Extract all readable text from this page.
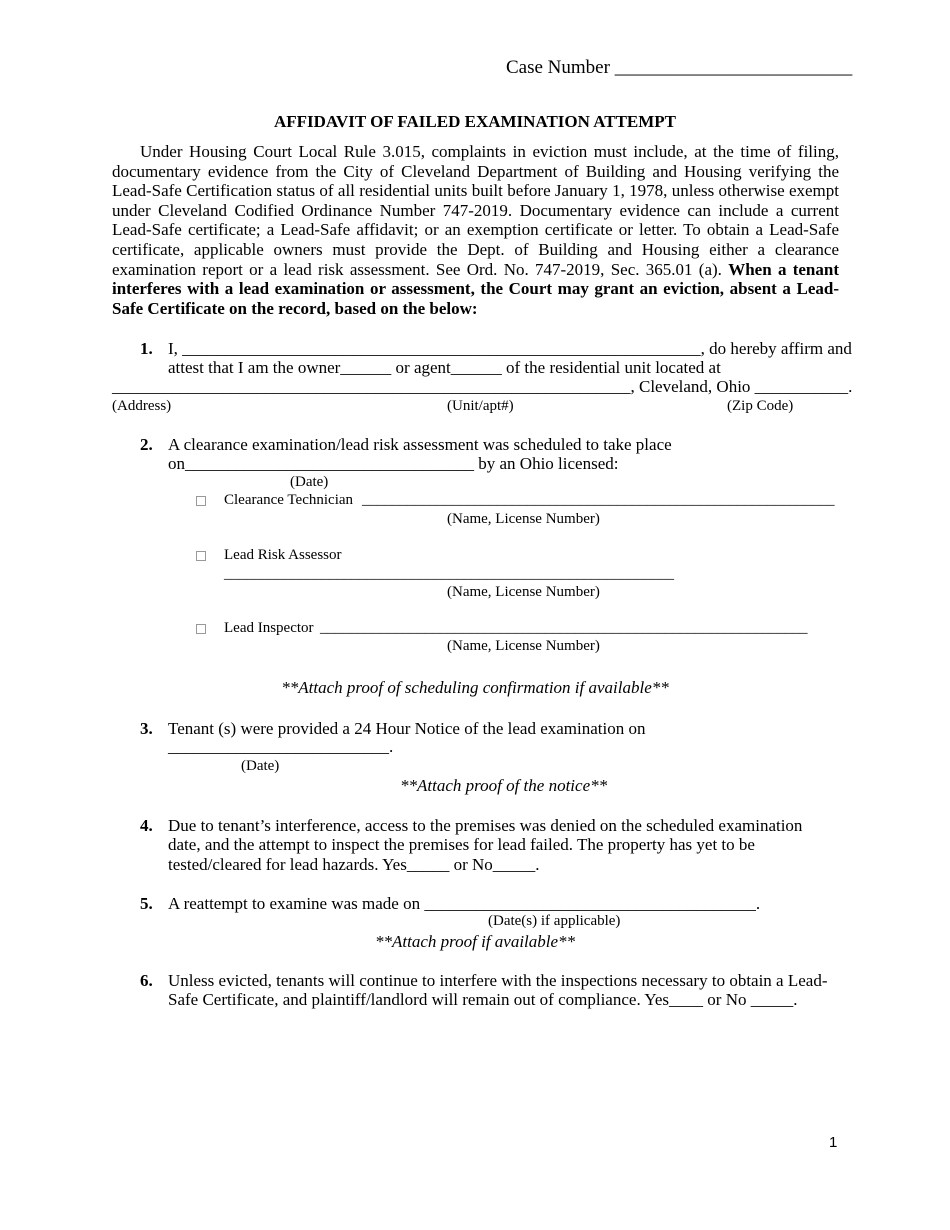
Case Number _________________________
AFFIDAVIT OF FAILED EXAMINATION ATTEMPT
Under Housing Court Local Rule 3.015, complaints in eviction must include, at the time of filing, documentary evidence from the City of Cleveland Department of Building and Housing verifying the Lead-Safe Certification status of all residential units built before January 1, 1978, unless otherwise exempt under Cleveland Codified Ordinance Number 747-2019. Documentary evidence can include a current Lead-Safe certificate; a Lead-Safe affidavit; or an exemption certificate or letter. To obtain a Lead-Safe certificate, applicable owners must provide the Dept. of Building and Housing either a clearance examination report or a lead risk assessment. See Ord. No. 747-2019, Sec. 365.01 (a). When a tenant interferes with a lead examination or assessment, the Court may grant an eviction, absent a Lead-Safe Certificate on the record, based on the below:
1. I, _____________________________________________________________, do hereby affirm and
attest that I am the owner______ or agent______ of the residential unit located at
_____________________________________________________________, Cleveland, Ohio ___________.
(Address)	(Unit/apt#)	(Zip Code)
2. A clearance examination/lead risk assessment was scheduled to take place
on__________________________________ by an Ohio licensed:
(Date)
Clearance Technician _______________________________________________________________
(Name, License Number)
Lead Risk Assessor
____________________________________________________________
(Name, License Number)
Lead Inspector _________________________________________________________________
(Name, License Number)
**Attach proof of scheduling confirmation if available**
3. Tenant (s) were provided a 24 Hour Notice of the lead examination on
__________________________.
(Date)
**Attach proof of the notice**
4. Due to tenant’s interference, access to the premises was denied on the scheduled examination
date, and the attempt to inspect the premises for lead failed. The property has yet to be
tested/cleared for lead hazards. Yes_____ or No_____.
5. A reattempt to examine was made on _______________________________________.
(Date(s) if applicable)
**Attach proof if available**
6. Unless evicted, tenants will continue to interfere with the inspections necessary to obtain a Lead-
Safe Certificate, and plaintiff/landlord will remain out of compliance. Yes____ or No _____.
1
